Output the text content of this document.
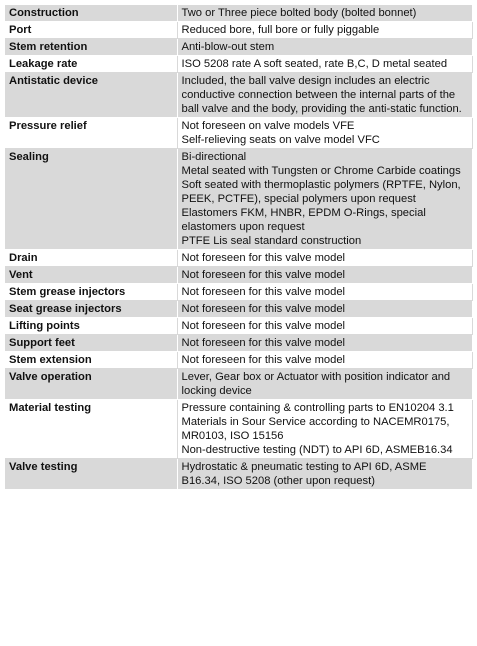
Construction	Two or Three piece bolted body (bolted bonnet)

Port	Reduced bore, full bore or fully piggable

Stem retention	Anti-blow-out stem

Leakage rate	ISO 5208 rate A soft seated, rate B,C, D metal seated

Antistatic device	Included, the ball valve design includes an electric conductive connection between the internal parts of the ball valve and the body, providing the anti-static function.

Pressure relief	Not foreseen on valve models VFE

Self-relieving seats on valve model VFC

Sealing	Bi-directional

Metal seated with Tungsten or Chrome Carbide coatings

Soft seated with thermoplastic polymers (RPTFE, Nylon, PEEK, PCTFE), special polymers upon request

Elastomers FKM, HNBR, EPDM O-Rings, special elastomers upon request

PTFE Lis seal standard construction

Drain	Not foreseen for this valve model

Vent	Not foreseen for this valve model

Stem grease injectors	Not foreseen for this valve model

Seat grease injectors	Not foreseen for this valve model

Lifting points	Not foreseen for this valve model

Support feet	Not foreseen for this valve model

Stem extension	Not foreseen for this valve model

Valve operation	Lever, Gear box or Actuator with position indicator and locking device

Material testing	Pressure containing & controlling parts to EN10204 3.1

Materials in Sour Service according to NACEMR0175, MR0103, ISO 15156

Non-destructive testing (NDT) to API 6D, ASMEB16.34

Valve testing	Hydrostatic & pneumatic testing to API 6D, ASME B16.34, ISO 5208 (other upon request)
